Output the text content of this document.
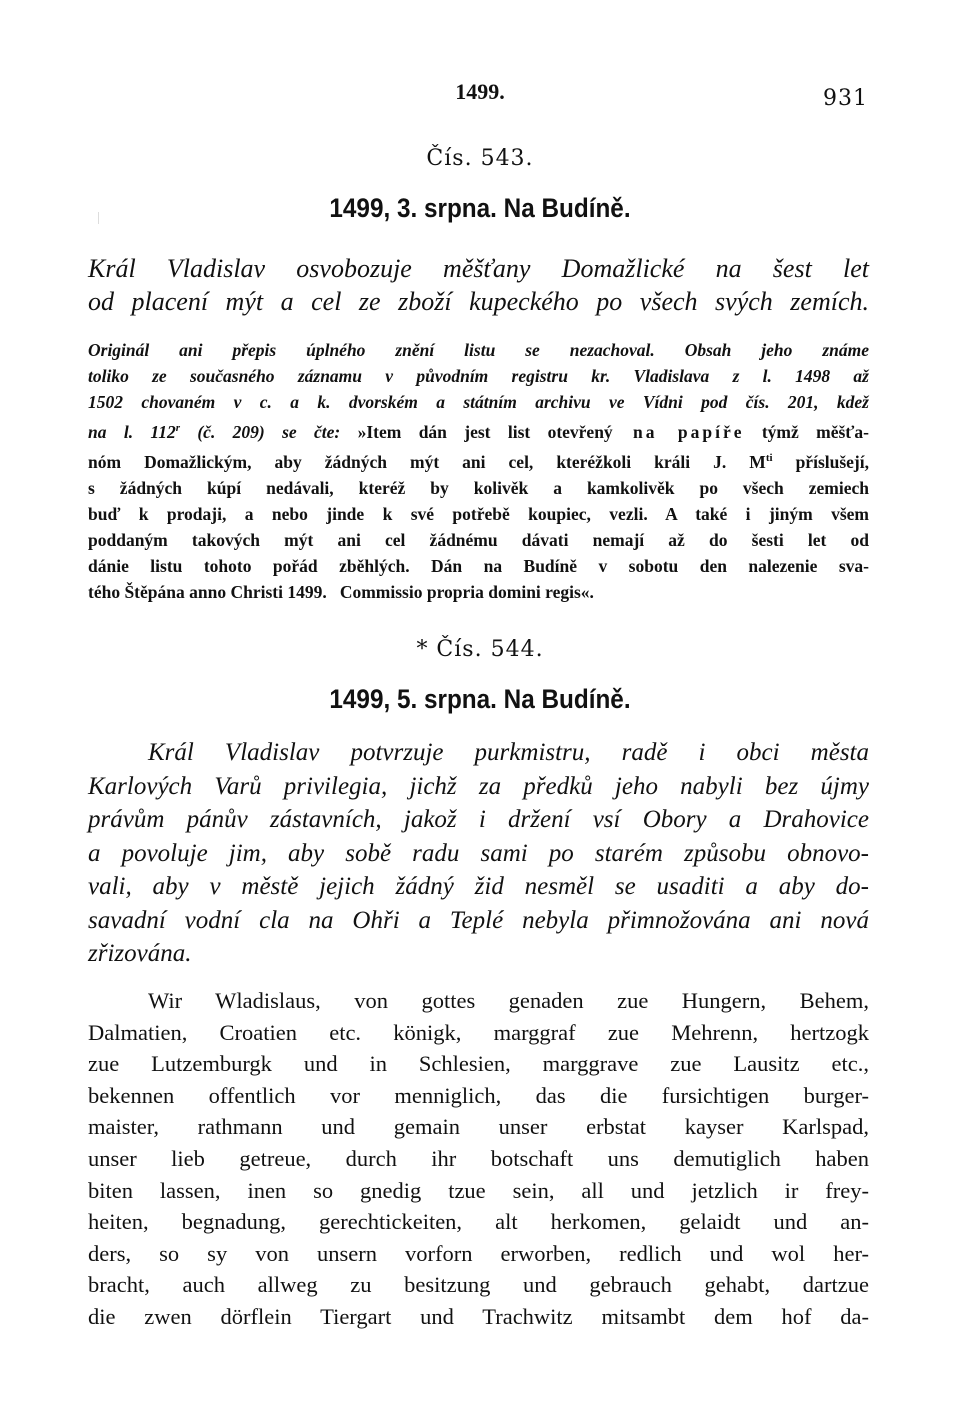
1499.	931
Čís. 543.
1499, 3. srpna. Na Budíně.
Král Vladislav osvobozuje měšťany Domažlické na šest let
od placení mýt a cel ze zboží kupeckého po všech svých zemích.
Originál ani přepis úplného znění listu se nezachoval. Obsah jeho známe
toliko ze současného záznamu v původním registru kr. Vladislava z l. 1498 až
1502 chovaném v c. a k. dvorském a státním archivu ve Vídni pod čís. 201, kdež
na l. 112$^r$ (č. 209) se čte: »Item dán jest list otevřený na papíře týmž měšťa-
nóm Domažlickým, aby žádných mýt ani cel, kteréžkoli králi J. $M^{ti}$ příslušejí,
s žádných kúpí nedávali, kteréž by kolivěk a kamkolivěk po všech zemiech
buď k prodaji, a nebo jinde k své potřebě koupiec, vezli. A také i jiným všem
poddaným takových mýt ani cel žádnému dávati nemají až do šesti let od
dánie listu tohoto pořád zběhlých. Dán na Budíně v sobotu den nalezenie sva-
tého Štěpána anno Christi 1499.   Commissio propria domini regis«.
* Čís. 544.
1499, 5. srpna. Na Budíně.
Král Vladislav potvrzuje purkmistru, radě i obci města
Karlových Varů privilegia, jichž za předků jeho nabyli bez újmy
právům pánův zástavních, jakož i držení vsí Obory a Drahovice
a povoluje jim, aby sobě radu sami po starém způsobu obnovo-
vali, aby v městě jejich žádný žid nesměl se usaditi a aby do-
savadní vodní cla na Ohři a Teplé nebyla přimnožována ani nová
zřizována.
Wir Wladislaus, von gottes genaden zue Hungern, Behem,
Dalmatien, Croatien etc. königk, marggraf zue Mehrenn, hertzogk
zue Lutzemburgk und in Schlesien, marggrave zue Lausitz etc.,
bekennen offentlich vor menniglich, das die fursichtigen burger-
maister, rathmann und gemain unser erbstat kayser Karlspad,
unser lieb getreue, durch ihr botschaft uns demutiglich haben
biten lassen, inen so gnedig tzue sein, all und jetzlich ir frey-
heiten, begnadung, gerechtickeiten, alt herkomen, gelaidt und an-
ders, so sy von unsern vorforn erworben, redlich und wol her-
bracht, auch allweg zu besitzung und gebrauch gehabt, dartzue
die zwen dörflein Tiergart und Trachwitz mitsambt dem hof da-
